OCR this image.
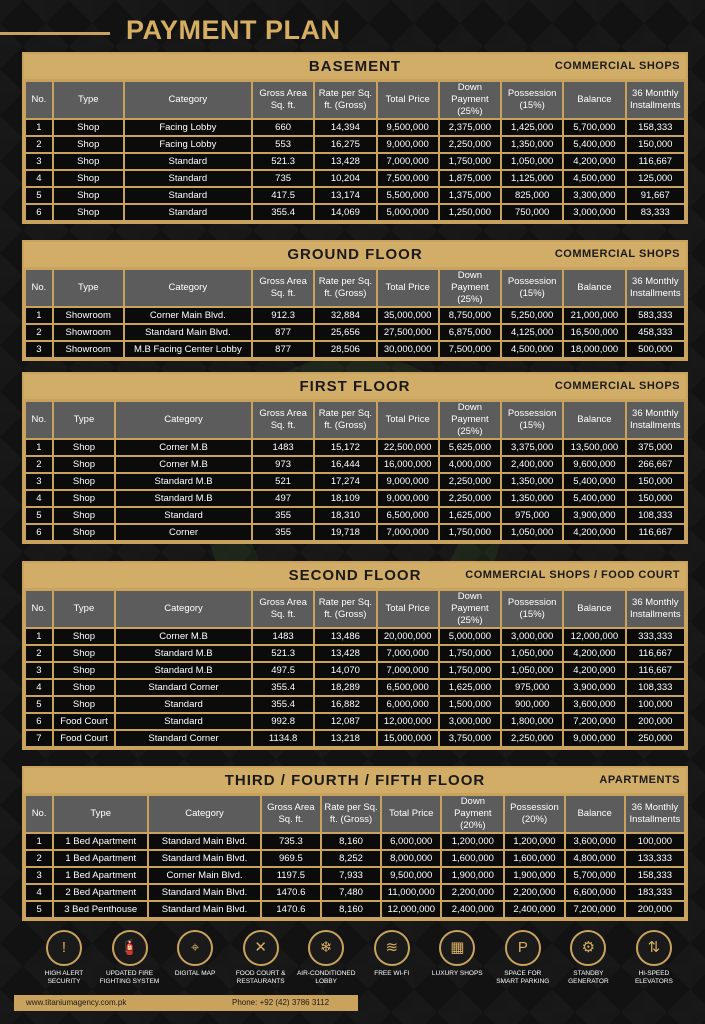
PAYMENT PLAN
BASEMENT	COMMERCIAL SHOPS
No.	Type	Category	Gross Area Sq. ft.	Rate per Sq. ft. (Gross)	Total Price	Down Payment (25%)	Possession (15%)	Balance	36 Monthly Installments
1	Shop	Facing Lobby	660	14,394	9,500,000	2,375,000	1,425,000	5,700,000	158,333
2	Shop	Facing Lobby	553	16,275	9,000,000	2,250,000	1,350,000	5,400,000	150,000
3	Shop	Standard	521.3	13,428	7,000,000	1,750,000	1,050,000	4,200,000	116,667
4	Shop	Standard	735	10,204	7,500,000	1,875,000	1,125,000	4,500,000	125,000
5	Shop	Standard	417.5	13,174	5,500,000	1,375,000	825,000	3,300,000	91,667
6	Shop	Standard	355.4	14,069	5,000,000	1,250,000	750,000	3,000,000	83,333
GROUND FLOOR	COMMERCIAL SHOPS
No.	Type	Category	Gross Area Sq. ft.	Rate per Sq. ft. (Gross)	Total Price	Down Payment (25%)	Possession (15%)	Balance	36 Monthly Installments
1	Showroom	Corner Main Blvd.	912.3	32,884	35,000,000	8,750,000	5,250,000	21,000,000	583,333
2	Showroom	Standard Main Blvd.	877	25,656	27,500,000	6,875,000	4,125,000	16,500,000	458,333
3	Showroom	M.B Facing Center Lobby	877	28,506	30,000,000	7,500,000	4,500,000	18,000,000	500,000
FIRST FLOOR	COMMERCIAL SHOPS
No.	Type	Category	Gross Area Sq. ft.	Rate per Sq. ft. (Gross)	Total Price	Down Payment (25%)	Possession (15%)	Balance	36 Monthly Installments
1	Shop	Corner M.B	1483	15,172	22,500,000	5,625,000	3,375,000	13,500,000	375,000
2	Shop	Corner M.B	973	16,444	16,000,000	4,000,000	2,400,000	9,600,000	266,667
3	Shop	Standard M.B	521	17,274	9,000,000	2,250,000	1,350,000	5,400,000	150,000
4	Shop	Standard M.B	497	18,109	9,000,000	2,250,000	1,350,000	5,400,000	150,000
5	Shop	Standard	355	18,310	6,500,000	1,625,000	975,000	3,900,000	108,333
6	Shop	Corner	355	19,718	7,000,000	1,750,000	1,050,000	4,200,000	116,667
SECOND FLOOR	COMMERCIAL SHOPS / FOOD COURT
No.	Type	Category	Gross Area Sq. ft.	Rate per Sq. ft. (Gross)	Total Price	Down Payment (25%)	Possession (15%)	Balance	36 Monthly Installments
1	Shop	Corner M.B	1483	13,486	20,000,000	5,000,000	3,000,000	12,000,000	333,333
2	Shop	Standard M.B	521.3	13,428	7,000,000	1,750,000	1,050,000	4,200,000	116,667
3	Shop	Standard M.B	497.5	14,070	7,000,000	1,750,000	1,050,000	4,200,000	116,667
4	Shop	Standard Corner	355.4	18,289	6,500,000	1,625,000	975,000	3,900,000	108,333
5	Shop	Standard	355.4	16,882	6,000,000	1,500,000	900,000	3,600,000	100,000
6	Food Court	Standard	992.8	12,087	12,000,000	3,000,000	1,800,000	7,200,000	200,000
7	Food Court	Standard Corner	1134.8	13,218	15,000,000	3,750,000	2,250,000	9,000,000	250,000
THIRD / FOURTH / FIFTH FLOOR	APARTMENTS
No.	Type	Category	Gross Area Sq. ft.	Rate per Sq. ft. (Gross)	Total Price	Down Payment (20%)	Possession (20%)	Balance	36 Monthly Installments
1	1 Bed Apartment	Standard Main Blvd.	735.3	8,160	6,000,000	1,200,000	1,200,000	3,600,000	100,000
2	1 Bed Apartment	Standard Main Blvd.	969.5	8,252	8,000,000	1,600,000	1,600,000	4,800,000	133,333
3	1 Bed Apartment	Corner Main Blvd.	1197.5	7,933	9,500,000	1,900,000	1,900,000	5,700,000	158,333
4	2 Bed Apartment	Standard Main Blvd.	1470.6	7,480	11,000,000	2,200,000	2,200,000	6,600,000	183,333
5	3 Bed Penthouse	Standard Main Blvd.	1470.6	8,160	12,000,000	2,400,000	2,400,000	7,200,000	200,000
!
HIGH ALERT SECURITY
🧯
UPDATED FIRE FIGHTING SYSTEM
⌖
DIGITAL MAP
✕
FOOD COURT & RESTAURANTS
❄
AIR-CONDITIONED LOBBY
≋
FREE WI-FI
▦
LUXURY SHOPS
P
SPACE FOR SMART PARKING
⚙
STANDBY GENERATOR
⇅
HI-SPEED ELEVATORS
www.titaniumagency.com.pk	Phone: +92 (42) 3786 3112
